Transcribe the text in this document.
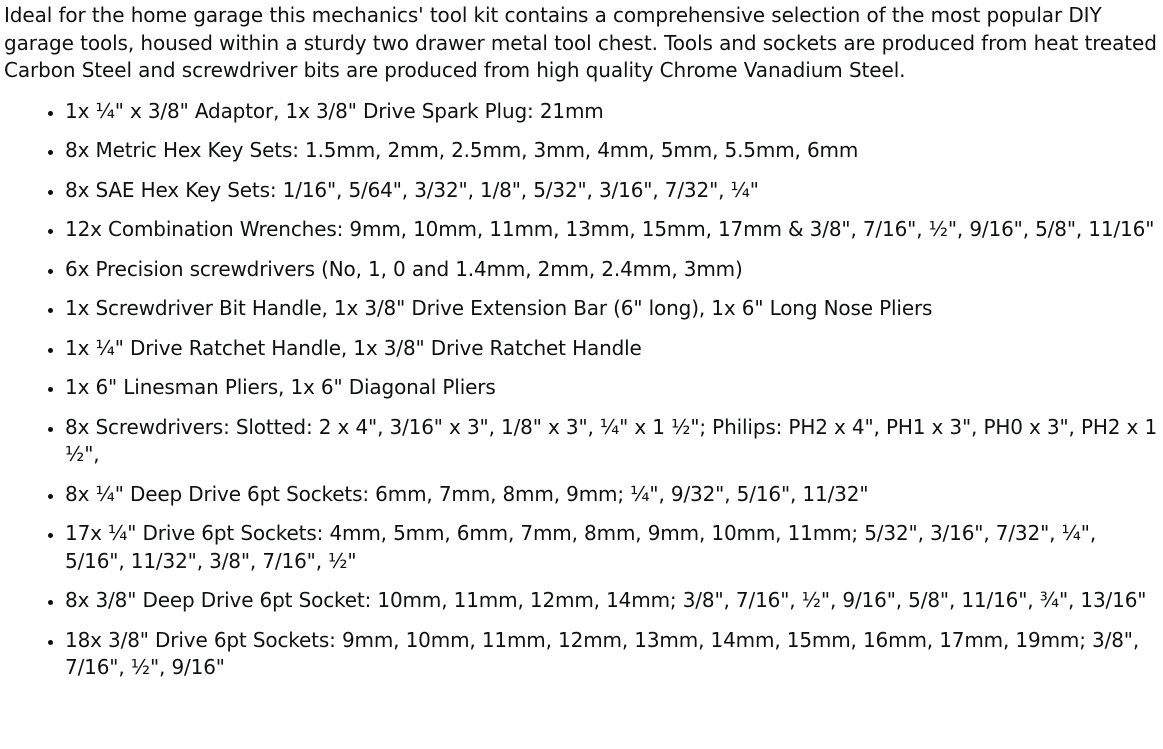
Ideal for the home garage this mechanics' tool kit contains a comprehensive selection of the most popular DIY garage tools, housed within a sturdy two drawer metal tool chest. Tools and sockets are produced from heat treated Carbon Steel and screwdriver bits are produced from high quality Chrome Vanadium Steel.

• 1x ¼" x 3/8" Adaptor, 1x 3/8" Drive Spark Plug: 21mm
• 8x Metric Hex Key Sets: 1.5mm, 2mm, 2.5mm, 3mm, 4mm, 5mm, 5.5mm, 6mm
• 8x SAE Hex Key Sets: 1/16", 5/64", 3/32", 1/8", 5/32", 3/16", 7/32", ¼"
• 12x Combination Wrenches: 9mm, 10mm, 11mm, 13mm, 15mm, 17mm & 3/8", 7/16", ½", 9/16", 5/8", 11/16"
• 6x Precision screwdrivers (No, 1, 0 and 1.4mm, 2mm, 2.4mm, 3mm)
• 1x Screwdriver Bit Handle, 1x 3/8" Drive Extension Bar (6" long), 1x 6" Long Nose Pliers
• 1x ¼" Drive Ratchet Handle, 1x 3/8" Drive Ratchet Handle
• 1x 6" Linesman Pliers, 1x 6" Diagonal Pliers
• 8x Screwdrivers: Slotted: 2 x 4", 3/16" x 3", 1/8" x 3", ¼" x 1 ½"; Philips: PH2 x 4", PH1 x 3", PH0 x 3", PH2 x 1 ½",
• 8x ¼" Deep Drive 6pt Sockets: 6mm, 7mm, 8mm, 9mm; ¼", 9/32", 5/16", 11/32"
• 17x ¼" Drive 6pt Sockets: 4mm, 5mm, 6mm, 7mm, 8mm, 9mm, 10mm, 11mm; 5/32", 3/16", 7/32", ¼", 5/16", 11/32", 3/8", 7/16", ½"
• 8x 3/8" Deep Drive 6pt Socket: 10mm, 11mm, 12mm, 14mm; 3/8", 7/16", ½", 9/16", 5/8", 11/16", ¾", 13/16"
• 18x 3/8" Drive 6pt Sockets: 9mm, 10mm, 11mm, 12mm, 13mm, 14mm, 15mm, 16mm, 17mm, 19mm; 3/8", 7/16", ½", 9/16"
